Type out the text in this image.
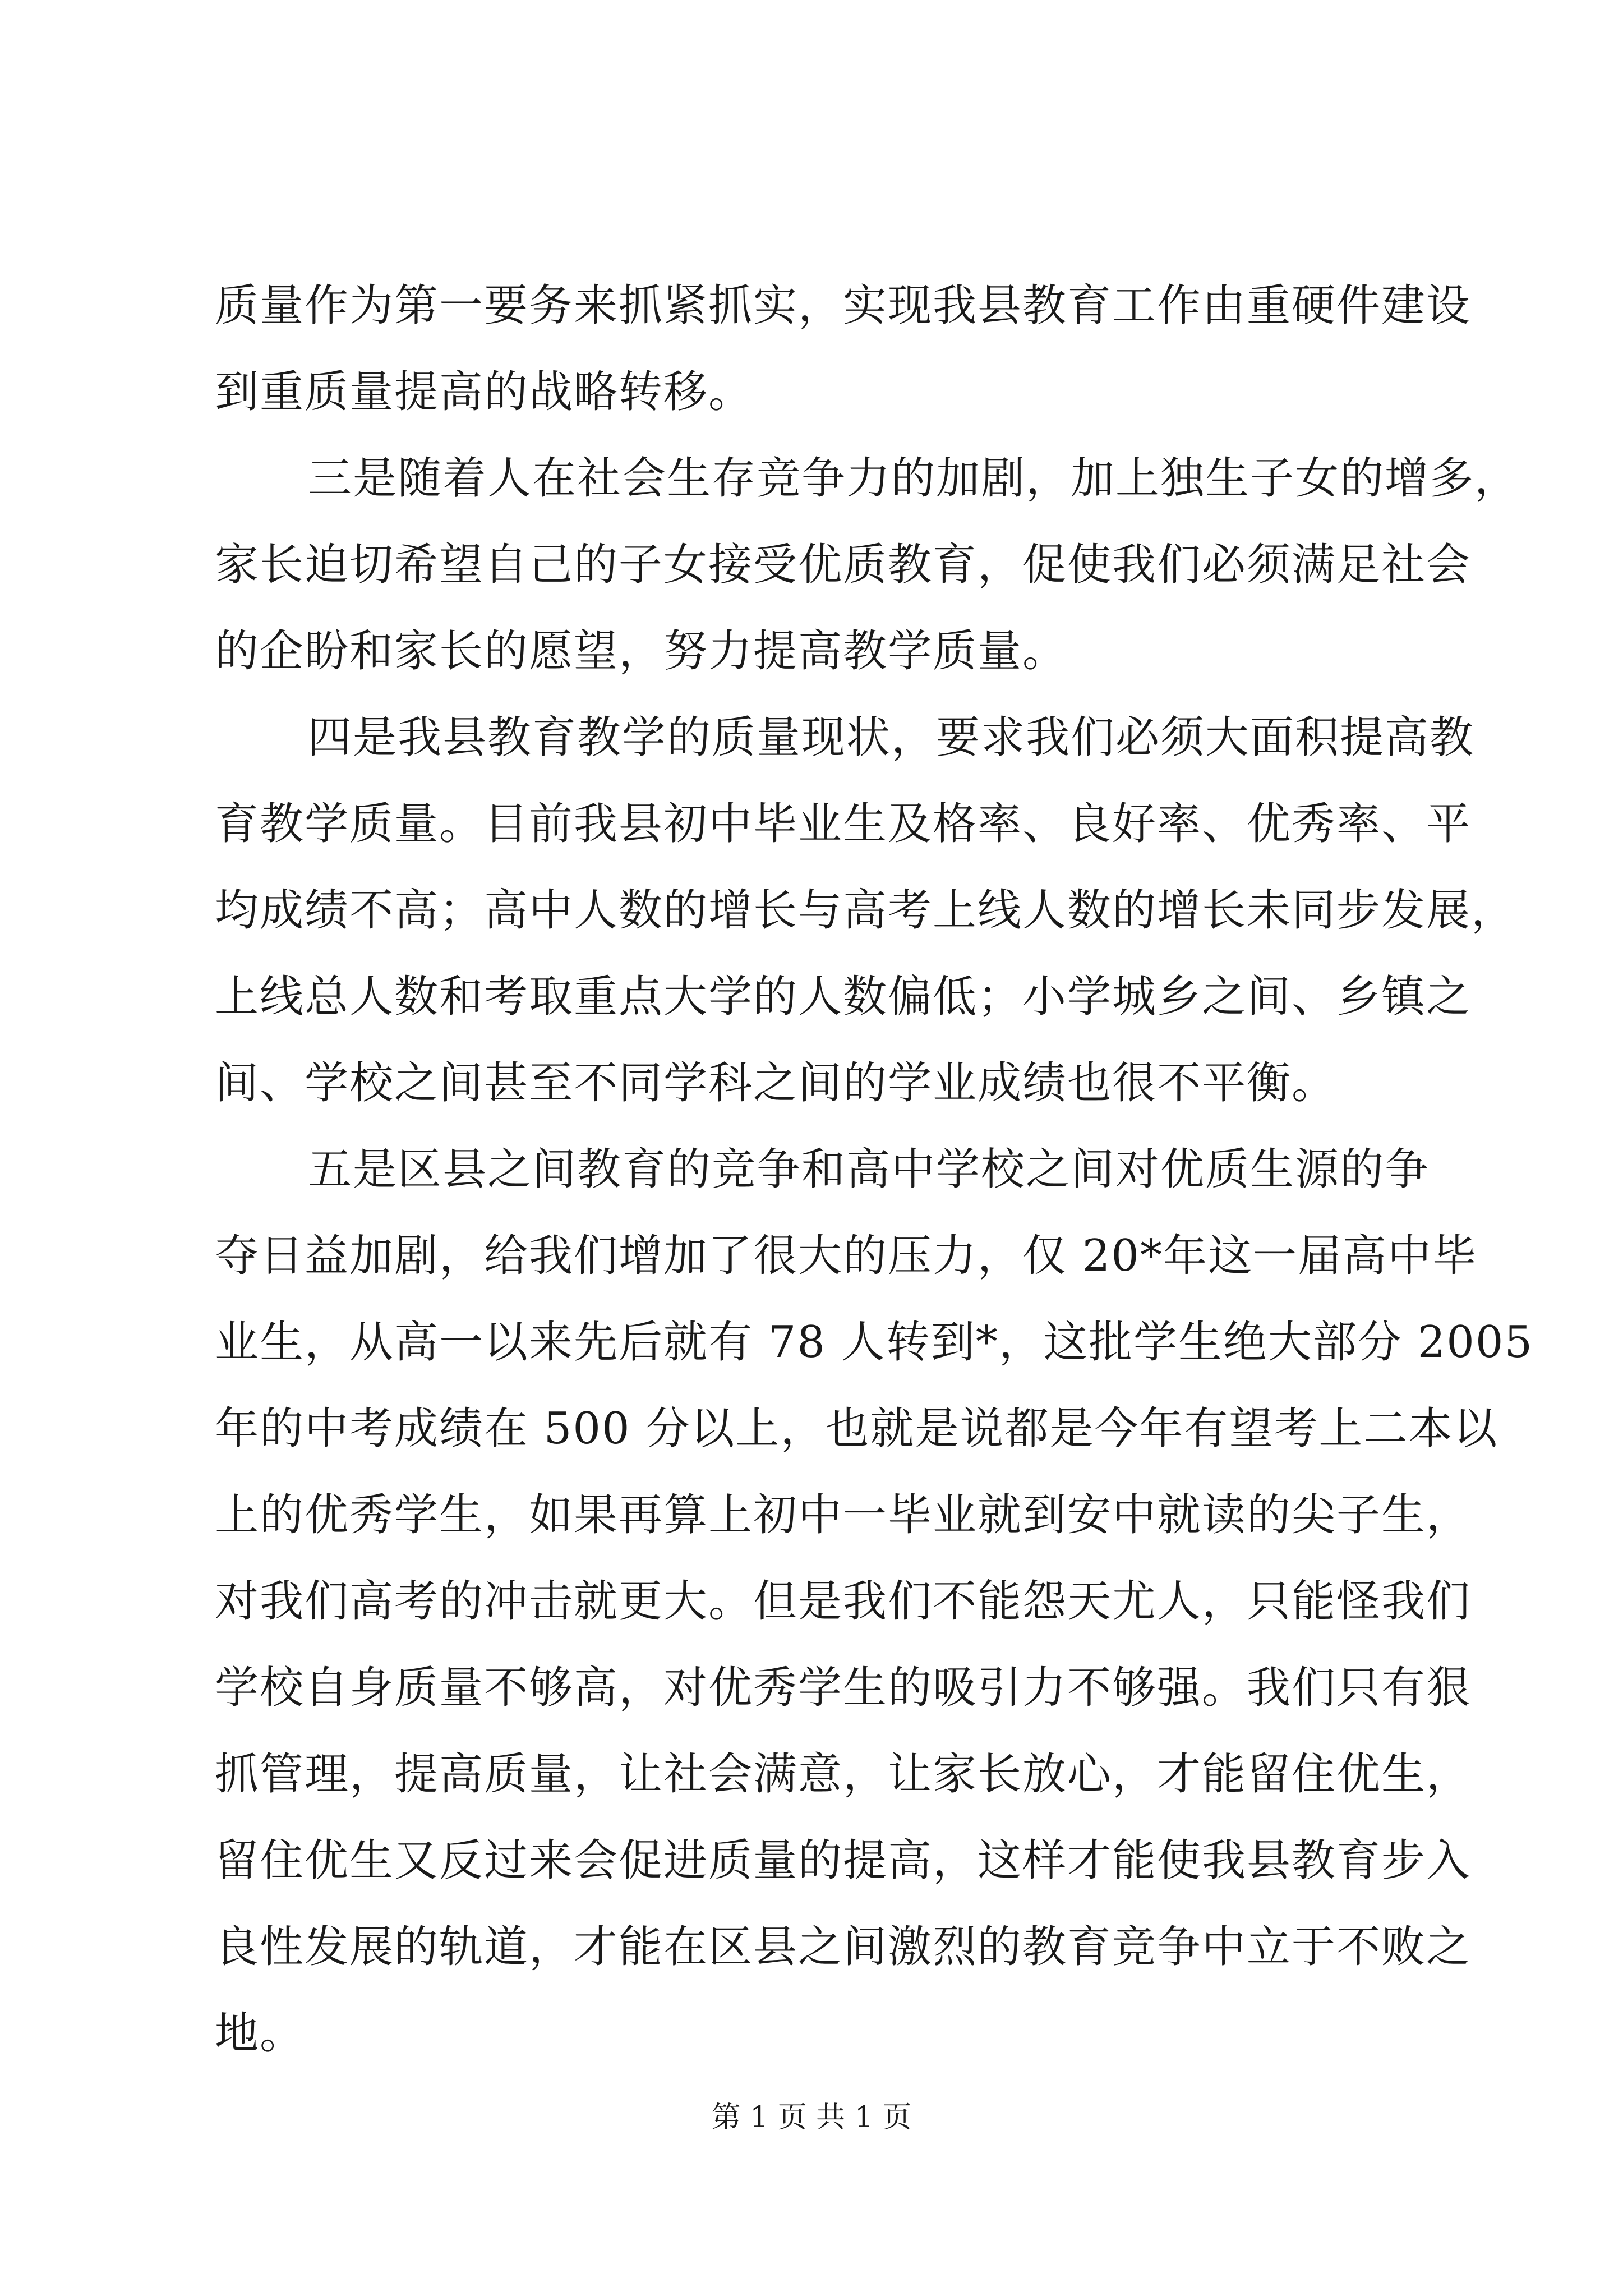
质量作为第一要务来抓紧抓实，实现我县教育工作由重硬件建设
到重质量提高的战略转移。
三是随着人在社会生存竞争力的加剧，加上独生子女的增多，
家长迫切希望自己的子女接受优质教育，促使我们必须满足社会
的企盼和家长的愿望，努力提高教学质量。
四是我县教育教学的质量现状，要求我们必须大面积提高教
育教学质量。目前我县初中毕业生及格率、良好率、优秀率、平
均成绩不高；高中人数的增长与高考上线人数的增长未同步发展，
上线总人数和考取重点大学的人数偏低；小学城乡之间、乡镇之
间、学校之间甚至不同学科之间的学业成绩也很不平衡。
五是区县之间教育的竞争和高中学校之间对优质生源的争
夺日益加剧，给我们增加了很大的压力，仅 20*年这一届高中毕
业生，从高一以来先后就有 78 人转到*，这批学生绝大部分 2005
年的中考成绩在 500 分以上，也就是说都是今年有望考上二本以
上的优秀学生，如果再算上初中一毕业就到安中就读的尖子生，
对我们高考的冲击就更大。但是我们不能怨天尤人，只能怪我们
学校自身质量不够高，对优秀学生的吸引力不够强。我们只有狠
抓管理，提高质量，让社会满意，让家长放心，才能留住优生，
留住优生又反过来会促进质量的提高，这样才能使我县教育步入
良性发展的轨道，才能在区县之间激烈的教育竞争中立于不败之
地。
第 1 页 共 1 页
